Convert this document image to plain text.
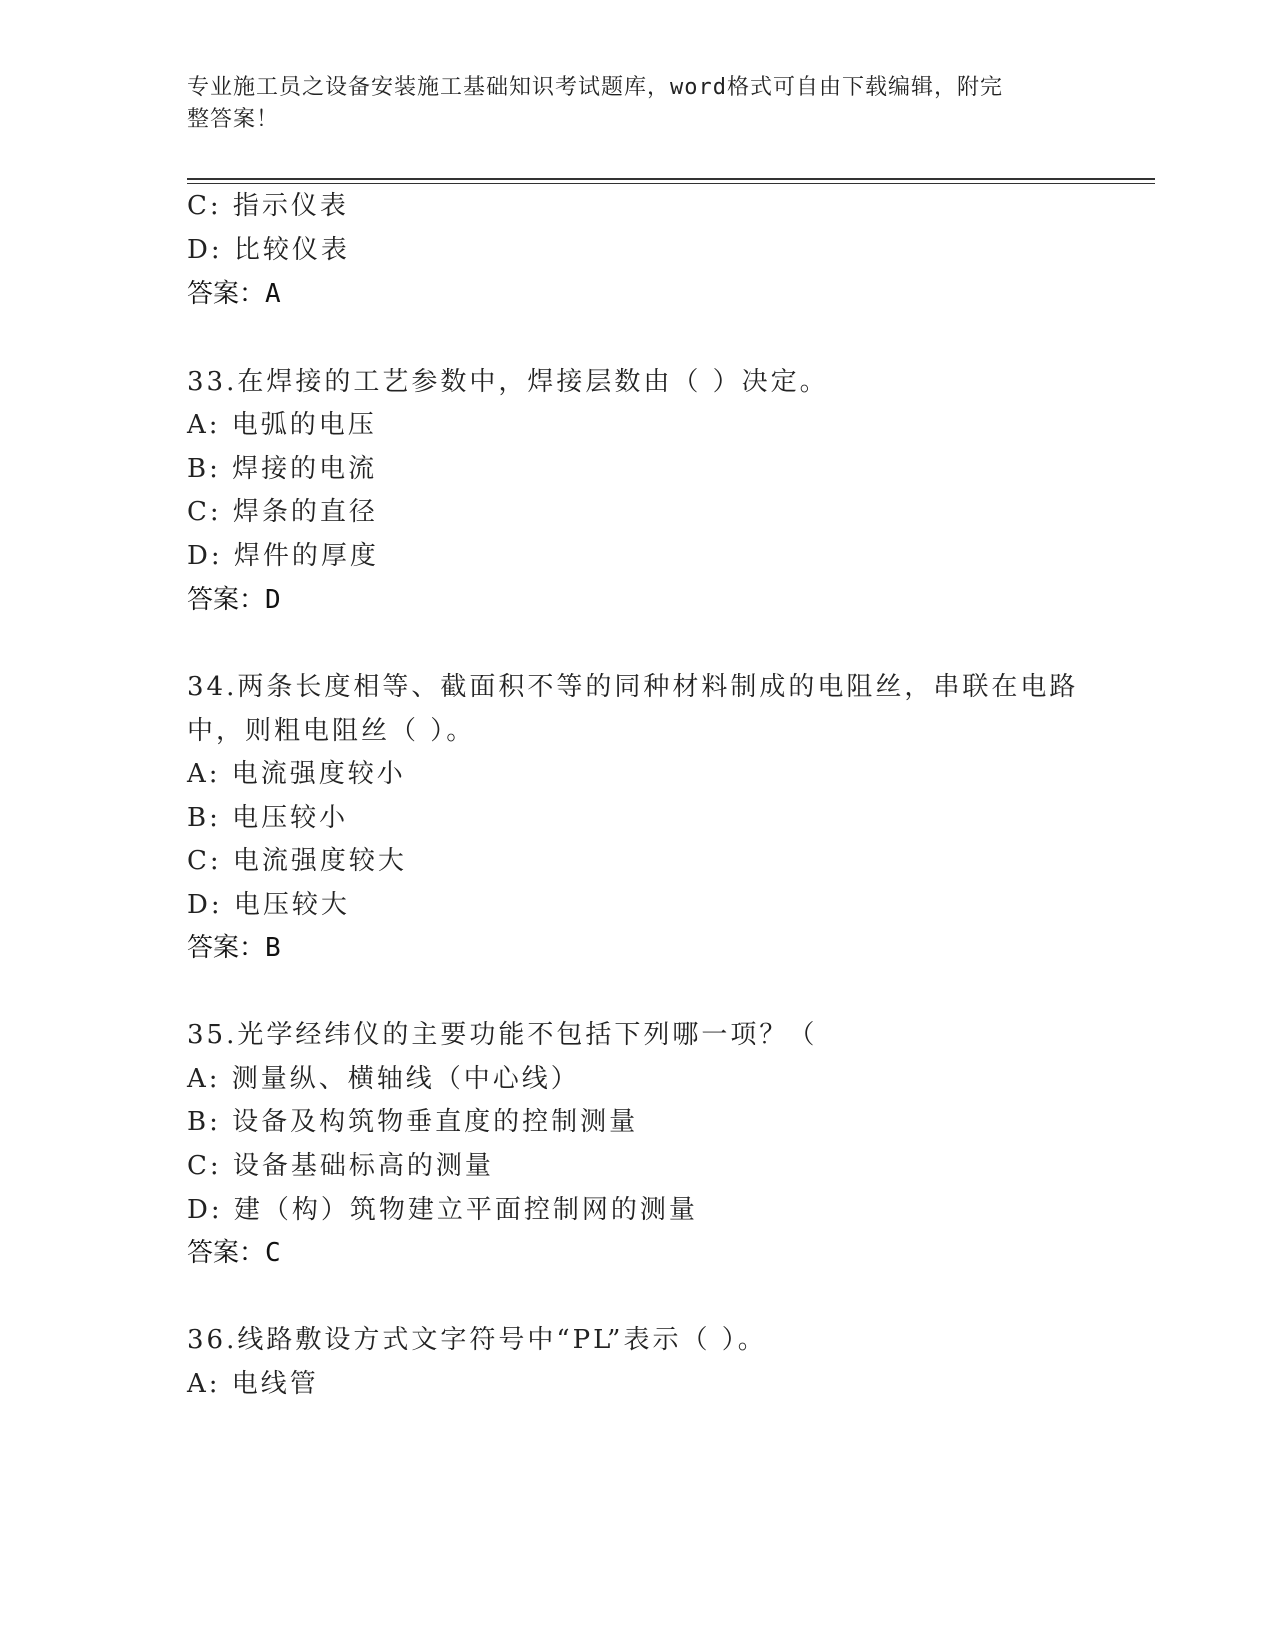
专业施工员之设备安装施工基础知识考试题库，word格式可自由下载编辑，附完
整答案！
C: 指示仪表
D: 比较仪表
答案：A
33.在焊接的工艺参数中，焊接层数由（ ）决定。
A: 电弧的电压
B: 焊接的电流
C: 焊条的直径
D: 焊件的厚度
答案：D
34.两条长度相等、截面积不等的同种材料制成的电阻丝，串联在电路
中，则粗电阻丝（ ）。
A: 电流强度较小
B: 电压较小
C: 电流强度较大
D: 电压较大
答案：B
35.光学经纬仪的主要功能不包括下列哪一项？（
A: 测量纵、横轴线（中心线）
B: 设备及构筑物垂直度的控制测量
C: 设备基础标高的测量
D: 建（构）筑物建立平面控制网的测量
答案：C
36.线路敷设方式文字符号中“PL”表示（ ）。
A: 电线管
